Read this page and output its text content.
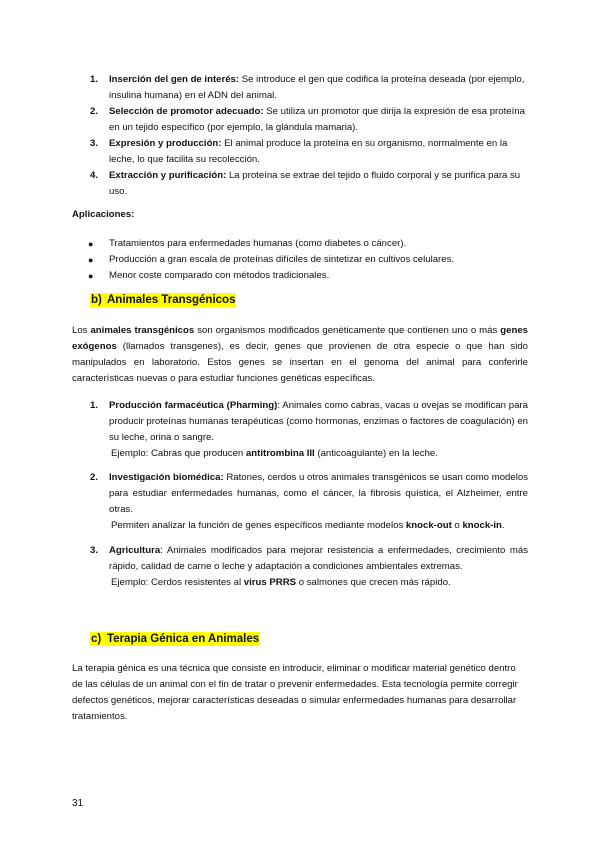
1. Inserción del gen de interés: Se introduce el gen que codifica la proteína deseada (por ejemplo, insulina humana) en el ADN del animal.
2. Selección de promotor adecuado: Se utiliza un promotor que dirija la expresión de esa proteína en un tejido específico (por ejemplo, la glándula mamaria).
3. Expresión y producción: El animal produce la proteína en su organismo, normalmente en la leche, lo que facilita su recolección.
4. Extracción y purificación: La proteína se extrae del tejido o fluido corporal y se purifica para su uso.
Aplicaciones:
● Tratamientos para enfermedades humanas (como diabetes o cáncer).
● Producción a gran escala de proteínas difíciles de sintetizar en cultivos celulares.
● Menor coste comparado con métodos tradicionales.
b) Animales Transgénicos
Los animales transgénicos son organismos modificados genéticamente que contienen uno o más genes exógenos (llamados transgenes), es decir, genes que provienen de otra especie o que han sido manipulados en laboratorio. Estos genes se insertan en el genoma del animal para conferirle características nuevas o para estudiar funciones genéticas específicas.
1. Producción farmacéutica (Pharming): Animales como cabras, vacas u ovejas se modifican para producir proteínas humanas terapéuticas (como hormonas, enzimas o factores de coagulación) en su leche, orina o sangre.
Ejemplo: Cabras que producen antitrombina III (anticoagulante) en la leche.
2. Investigación biomédica: Ratones, cerdos u otros animales transgénicos se usan como modelos para estudiar enfermedades humanas, como el cáncer, la fibrosis quística, el Alzheimer, entre otras.
Permiten analizar la función de genes específicos mediante modelos knock-out o knock-in.
3. Agricultura: Animales modificados para mejorar resistencia a enfermedades, crecimiento más rápido, calidad de carne o leche y adaptación a condiciones ambientales extremas.
Ejemplo: Cerdos resistentes al virus PRRS o salmones que crecen más rápido.
c) Terapia Génica en Animales
La terapia génica es una técnica que consiste en introducir, eliminar o modificar material genético dentro de las células de un animal con el fin de tratar o prevenir enfermedades. Esta tecnología permite corregir defectos genéticos, mejorar características deseadas o simular enfermedades humanas para desarrollar tratamientos.
31
